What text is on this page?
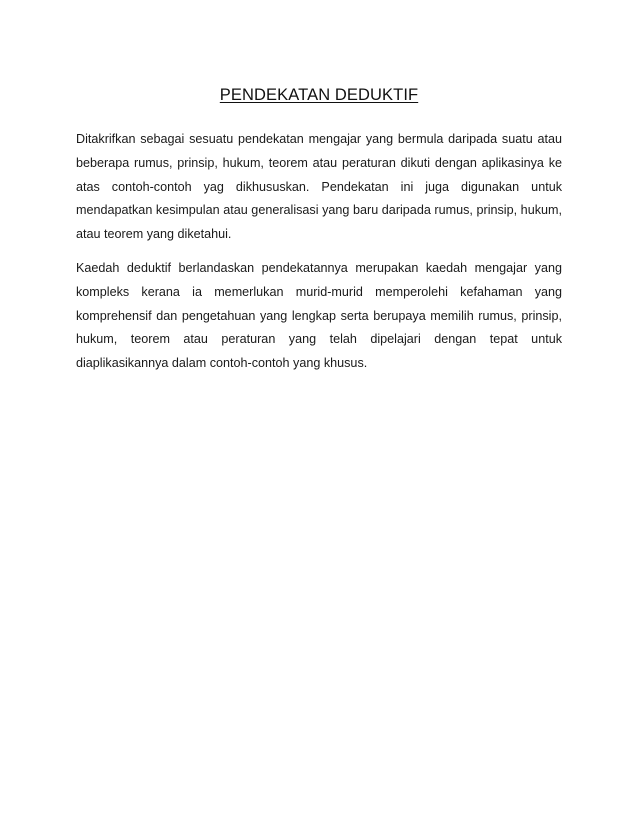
PENDEKATAN DEDUKTIF

Ditakrifkan sebagai sesuatu pendekatan mengajar yang bermula daripada suatu atau
beberapa rumus, prinsip, hukum, teorem atau peraturan dikuti dengan aplikasinya ke
atas contoh-contoh yag dikhususkan. Pendekatan ini juga digunakan untuk
mendapatkan kesimpulan atau generalisasi yang baru daripada rumus, prinsip, hukum,
atau teorem yang diketahui.

Kaedah deduktif berlandaskan pendekatannya merupakan kaedah mengajar yang
kompleks kerana ia memerlukan murid-murid memperolehi kefahaman yang
komprehensif dan pengetahuan yang lengkap serta berupaya memilih rumus, prinsip,
hukum, teorem atau peraturan yang telah dipelajari dengan tepat untuk
diaplikasikannya dalam contoh-contoh yang khusus.
